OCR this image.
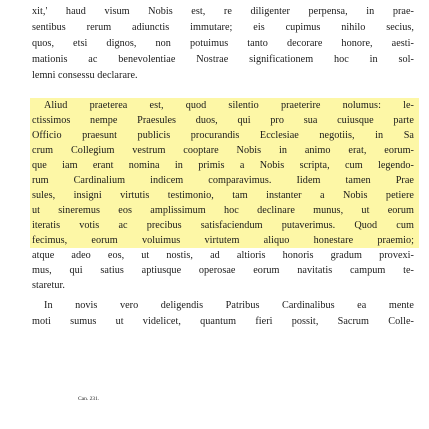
xit,' haud visum Nobis est, re diligenter perpensa, in prae-
sentibus rerum adiunctis immutare; eis cupimus nihilo secius,
quos, etsi dignos, non potuimus tanto decorare honore, aesti-
mationis ac benevolentiae Nostrae significationem hoc in sol-
lemni consessu declarare.
Aliud praeterea est, quod silentio praeterire nolumus: le-
ctissimos nempe Praesules duos, qui pro sua cuiusque parte
Officio praesunt publicis procurandis Ecclesiae negotiis, in Sa
crum Collegium vestrum cooptare Nobis in animo erat, eorum-
que iam erant nomina in primis a Nobis scripta, cum legendo-
rum Cardinalium indicem comparavimus. Iidem tamen Prae
sules, insigni virtutis testimonio, tam instanter a Nobis petiere
ut sineremus eos amplissimum hoc declinare munus, ut eorum
iteratis votis ac precibus satisfaciendum putaverimus. Quod cum
fecimus, eorum voluimus virtutem aliquo honestare praemio;
atque adeo eos, ut nostis, ad altioris honoris gradum provexi-
mus, qui satius aptiusque operosae eorum navitatis campum te-
staretur.
In novis vero deligendis Patribus Cardinalibus ea mente
moti sumus ut videlicet, quantum fieri possit, Sacrum Colle-
Can. 231.
